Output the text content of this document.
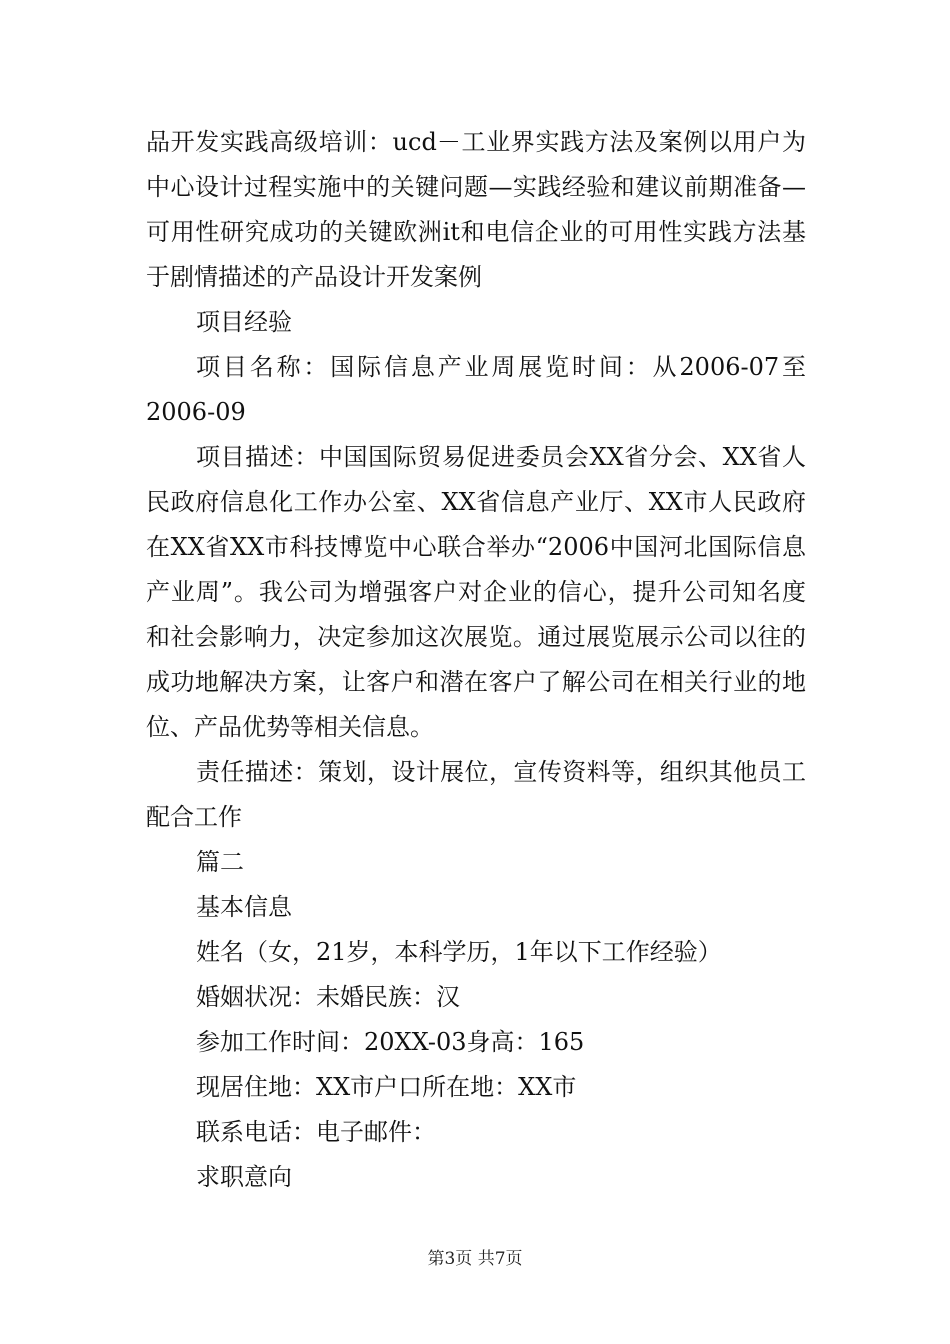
品开发实践高级培训：ucd－工业界实践方法及案例以用户为中心设计过程实施中的关键问题—实践经验和建议前期准备—可用性研究成功的关键欧洲it和电信企业的可用性实践方法基于剧情描述的产品设计开发案例

项目经验

项目名称：国际信息产业周展览时间：从2006-07至2006-09

项目描述：中国国际贸易促进委员会XX省分会、XX省人民政府信息化工作办公室、XX省信息产业厅、XX市人民政府在XX省XX市科技博览中心联合举办“2006中国河北国际信息产业周”。我公司为增强客户对企业的信心，提升公司知名度和社会影响力，决定参加这次展览。通过展览展示公司以往的成功地解决方案，让客户和潜在客户了解公司在相关行业的地位、产品优势等相关信息。

责任描述：策划，设计展位，宣传资料等，组织其他员工配合工作

篇二

基本信息

姓名（女，21岁，本科学历，1年以下工作经验）

婚姻状况：未婚民族：汉

参加工作时间：20XX-03身高：165

现居住地：XX市户口所在地：XX市

联系电话：电子邮件：

求职意向

第3页 共7页
